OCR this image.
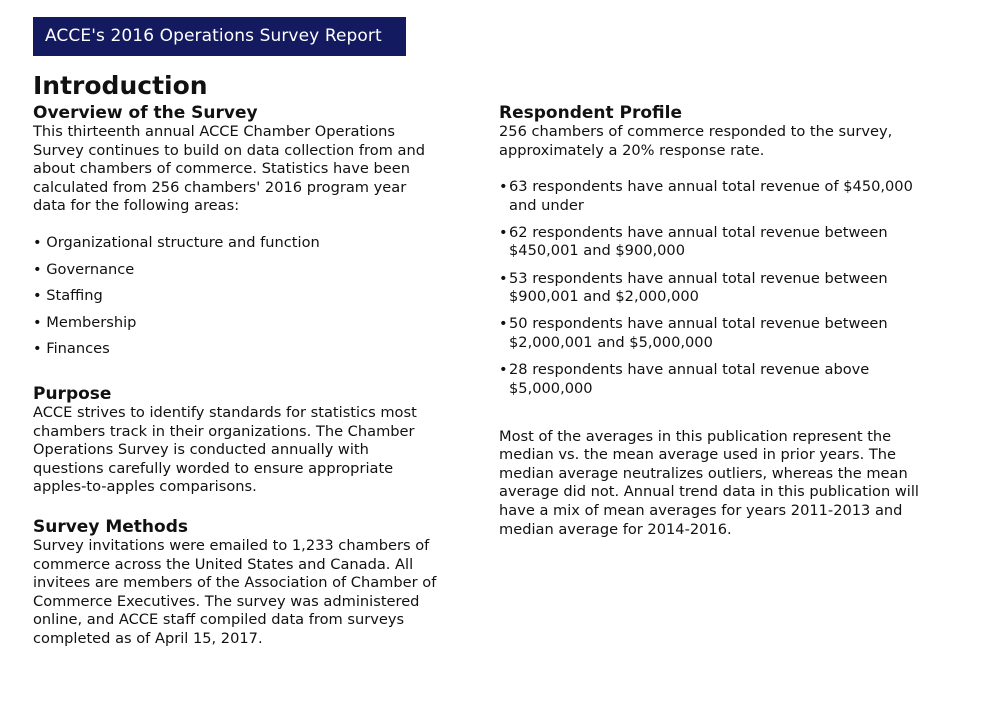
ACCE's 2016 Operations Survey Report
Introduction
Overview of the Survey

This thirteenth annual ACCE Chamber Operations Survey continues to build on data collection from and about chambers of commerce. Statistics have been calculated from 256 chambers' 2016 program year data for the following areas:

• Organizational structure and function
• Governance
• Staffing
• Membership
• Finances
Purpose

ACCE strives to identify standards for statistics most chambers track in their organizations. The Chamber Operations Survey is conducted annually with questions carefully worded to ensure appropriate apples-to-apples comparisons.

Survey Methods

Survey invitations were emailed to 1,233 chambers of commerce across the United States and Canada. All invitees are members of the Association of Chamber of Commerce Executives. The survey was administered online, and ACCE staff compiled data from surveys completed as of April 15, 2017.

Respondent Profile

256 chambers of commerce responded to the survey, approximately a 20% response rate.

•63 respondents have annual total revenue of $450,000 and under
•62 respondents have annual total revenue between $450,001 and $900,000
•53 respondents have annual total revenue between $900,001 and $2,000,000
•50 respondents have annual total revenue between $2,000,001 and $5,000,000
•28 respondents have annual total revenue above $5,000,000

Most of the averages in this publication represent the median vs. the mean average used in prior years. The median average neutralizes outliers, whereas the mean average did not. Annual trend data in this publication will have a mix of mean averages for years 2011-2013 and median average for 2014-2016.
